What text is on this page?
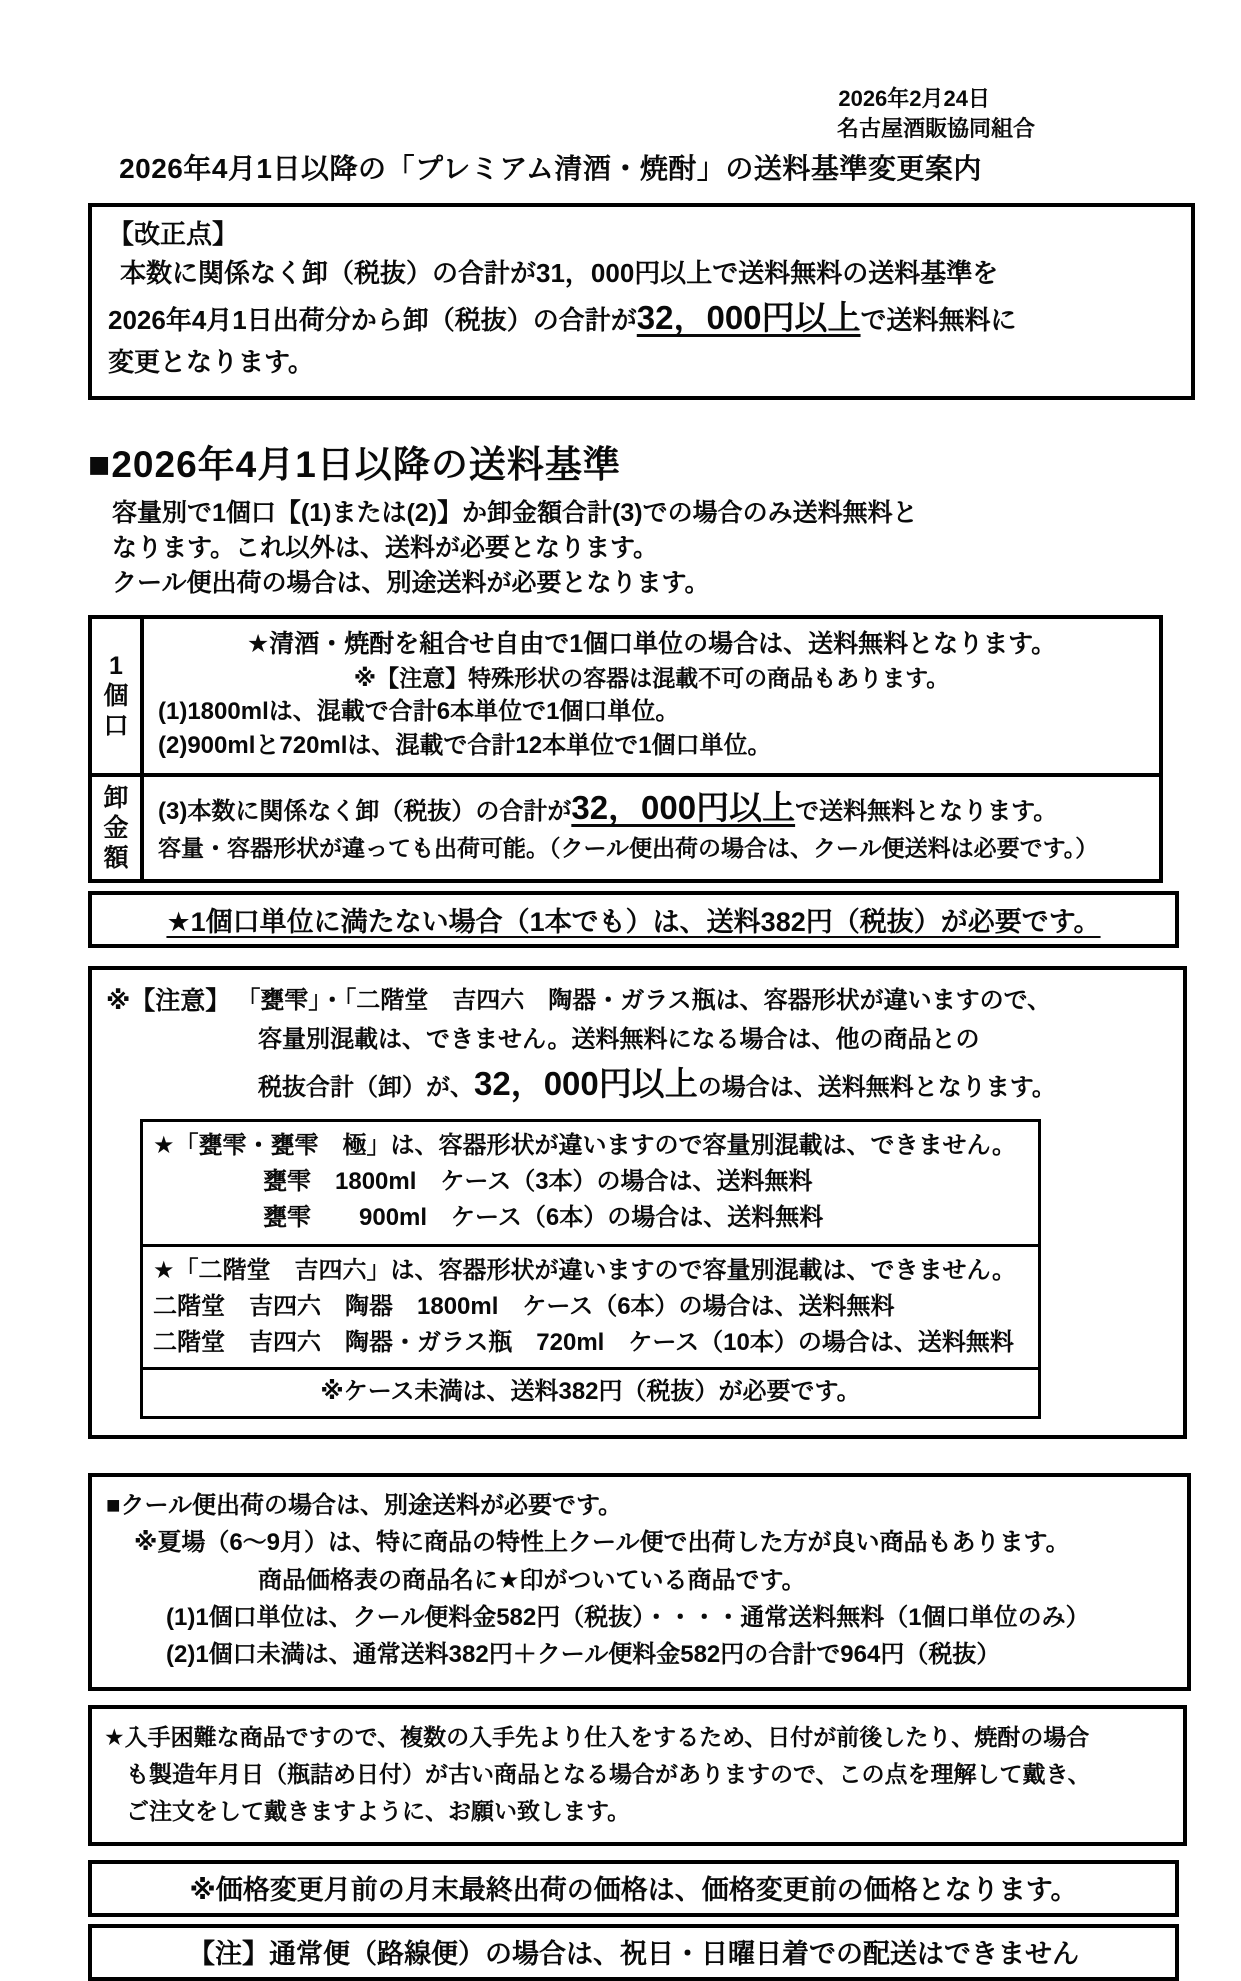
2026年2月24日
名古屋酒販協同組合
2026年4月1日以降の「プレミアム清酒・焼酎」の送料基準変更案内
【改正点】
本数に関係なく卸（税抜）の合計が31，000円以上で送料無料の送料基準を
2026年4月1日出荷分から卸（税抜）の合計が32，000円以上で送料無料に
変更となります。
■2026年4月1日以降の送料基準
容量別で1個口【(1)または(2)】か卸金額合計(3)での場合のみ送料無料と
なります。これ以外は、送料が必要となります。
クール便出荷の場合は、別途送料が必要となります。
1個口
★清酒・焼酎を組合せ自由で1個口単位の場合は、送料無料となります。
※【注意】特殊形状の容器は混載不可の商品もあります。
(1)1800mlは、混載で合計6本単位で1個口単位。
(2)900mlと720mlは、混載で合計12本単位で1個口単位。
卸金額
(3)本数に関係なく卸（税抜）の合計が32，000円以上で送料無料となります。
容量・容器形状が違っても出荷可能。（クール便出荷の場合は、クール便送料は必要です。）
★1個口単位に満たない場合（1本でも）は、送料382円（税抜）が必要です。
※【注意】 「甕雫」・「二階堂　吉四六　陶器・ガラス瓶は、容器形状が違いますので、
容量別混載は、できません。送料無料になる場合は、他の商品との
税抜合計（卸）が、32，000円以上の場合は、送料無料となります。
★「甕雫・甕雫　極」は、容器形状が違いますので容量別混載は、できません。
甕雫　1800ml　ケース（3本）の場合は、送料無料
甕雫　　900ml　ケース（6本）の場合は、送料無料
★「二階堂　吉四六」は、容器形状が違いますので容量別混載は、できません。
二階堂　吉四六　陶器　1800ml　ケース（6本）の場合は、送料無料
二階堂　吉四六　陶器・ガラス瓶　720ml　ケース（10本）の場合は、送料無料
※ケース未満は、送料382円（税抜）が必要です。
■クール便出荷の場合は、別途送料が必要です。
※夏場（6～9月）は、特に商品の特性上クール便で出荷した方が良い商品もあります。
商品価格表の商品名に★印がついている商品です。
(1)1個口単位は、クール便料金582円（税抜）・・・・通常送料無料（1個口単位のみ）
(2)1個口未満は、通常送料382円＋クール便料金582円の合計で964円（税抜）
★入手困難な商品ですので、複数の入手先より仕入をするため、日付が前後したり、焼酎の場合
も製造年月日（瓶詰め日付）が古い商品となる場合がありますので、この点を理解して戴き、
ご注文をして戴きますように、お願い致します。
※価格変更月前の月末最終出荷の価格は、価格変更前の価格となります。
【注】通常便（路線便）の場合は、祝日・日曜日着での配送はできません
